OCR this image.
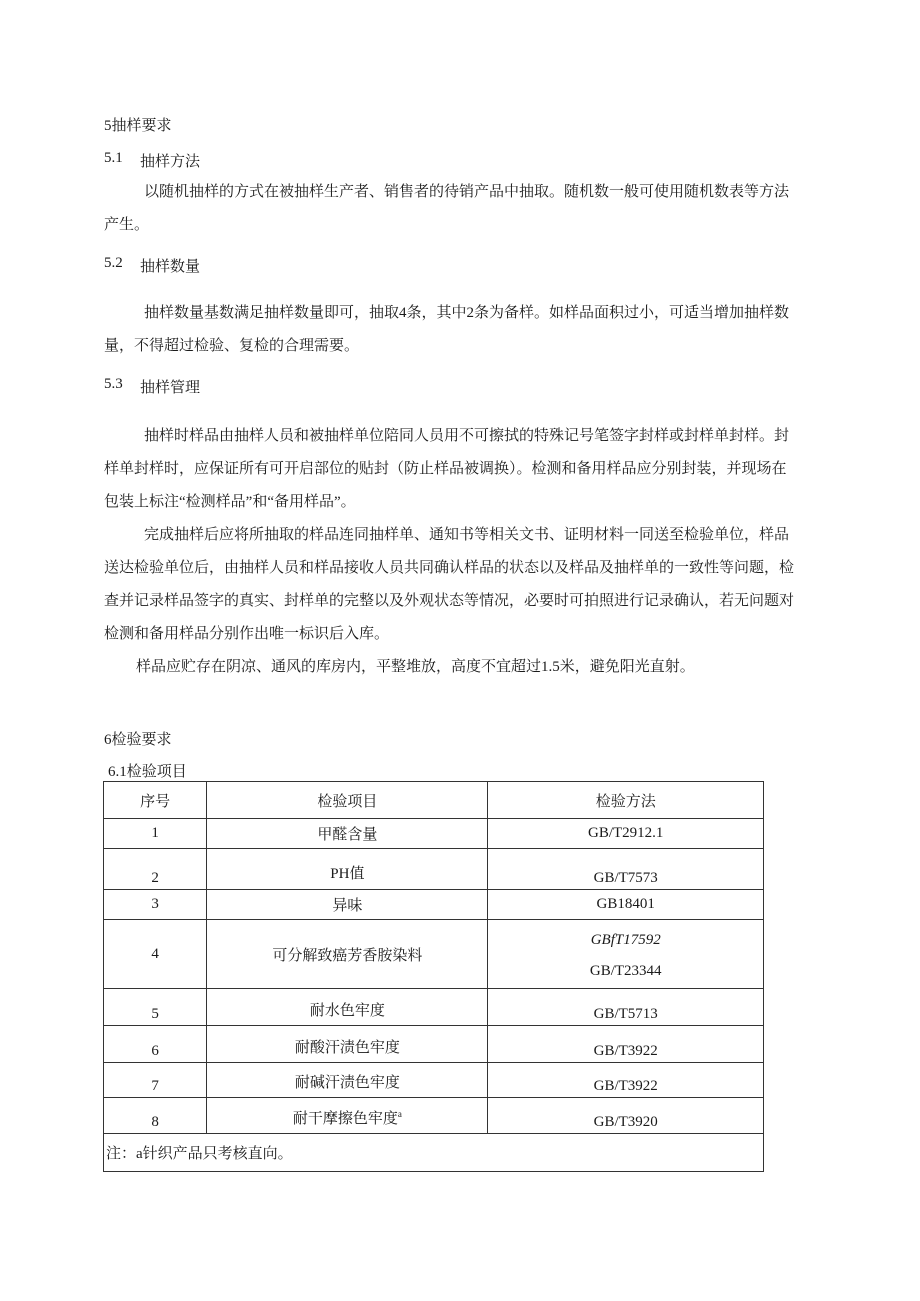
5抽样要求
5.1 抽样方法

以随机抽样的方式在被抽样生产者、销售者的待销产品中抽取。随机数一般可使用随机数表等方法

产生。

5.2 抽样数量

抽样数量基数满足抽样数量即可，抽取4条，其中2条为备样。如样品面积过小，可适当增加抽样数

量，不得超过检验、复检的合理需要。

5.3 抽样管理

抽样时样品由抽样人员和被抽样单位陪同人员用不可擦拭的特殊记号笔签字封样或封样单封样。封

样单封样时，应保证所有可开启部位的贴封（防止样品被调换）。检测和备用样品应分别封装，并现场在

包装上标注“检测样品”和“备用样品”。

完成抽样后应将所抽取的样品连同抽样单、通知书等相关文书、证明材料一同送至检验单位，样品

送达检验单位后，由抽样人员和样品接收人员共同确认样品的状态以及样品及抽样单的一致性等问题，检

查并记录样品签字的真实、封样单的完整以及外观状态等情况，必要时可拍照进行记录确认，若无问题对

检测和备用样品分别作出唯一标识后入库。

样品应贮存在阴凉、通风的库房内，平整堆放，高度不宜超过1.5米，避免阳光直射。

6检验要求
6.1检验项目
序号	检验项目	检验方法
1	甲醛含量	GB/T2912.1
2	PH值	GB/T7573
3	异味	GB18401
4	可分解致癌芳香胺染料	GBfT17592
GB/T23344

5	耐水色牢度	GB/T5713
6	耐酸汗渍色牢度	GB/T3922
7	耐碱汗渍色牢度	GB/T3922
8	耐干摩擦色牢度$^a$	GB/T3920
注：a针织产品只考核直向。		
